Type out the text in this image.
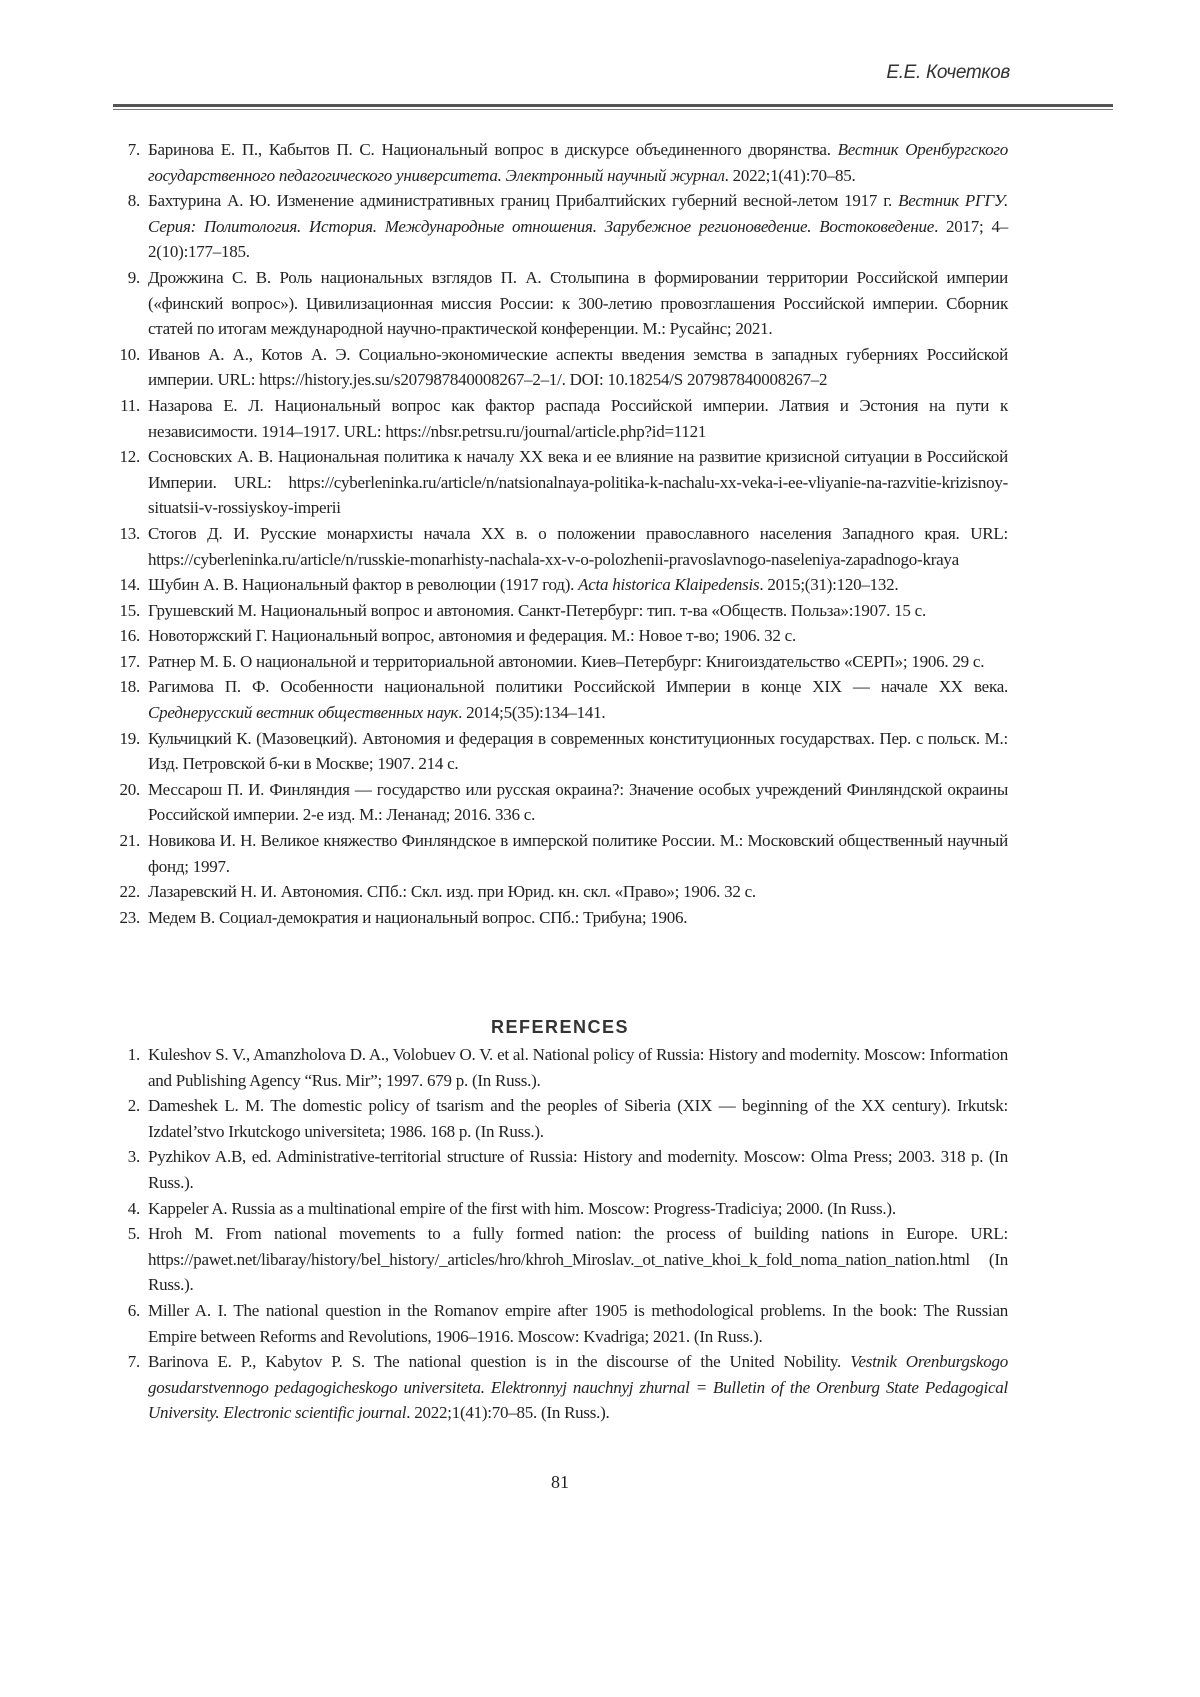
Е.Е. Кочетков
7. Баринова Е. П., Кабытов П. С. Национальный вопрос в дискурсе объединенного дворянства. Вестник Оренбургского государственного педагогического университета. Электронный научный журнал. 2022;1(41):70–85.
8. Бахтурина А. Ю. Изменение административных границ Прибалтийских губерний весной-летом 1917 г. Вестник РГГУ. Серия: Политология. История. Международные отношения. Зарубежное регионоведение. Востоковедение. 2017; 4–2(10):177–185.
9. Дрожжина С. В. Роль национальных взглядов П. А. Столыпина в формировании территории Российской империи («финский вопрос»). Цивилизационная миссия России: к 300-летию провозглашения Российской империи. Сборник статей по итогам международной научно-практической конференции. М.: Русайнс; 2021.
10. Иванов А. А., Котов А. Э. Социально-экономические аспекты введения земства в западных губерниях Российской империи. URL: https://history.jes.su/s207987840008267–2–1/. DOI: 10.18254/S 207987840008267–2
11. Назарова Е. Л. Национальный вопрос как фактор распада Российской империи. Латвия и Эстония на пути к независимости. 1914–1917. URL: https://nbsr.petrsu.ru/journal/article.php?id=1121
12. Сосновских А. В. Национальная политика к началу XX века и ее влияние на развитие кризисной ситуации в Российской Империи. URL: https://cyberleninka.ru/article/n/natsionalnaya-politika-k-nachalu-xx-veka-i-ee-vliyanie-na-razvitie-krizisnoy-situatsii-v-rossiyskoy-imperii
13. Стогов Д. И. Русские монархисты начала XX в. о положении православного населения Западного края. URL: https://cyberleninka.ru/article/n/russkie-monarhisty-nachala-xx-v-o-polozhenii-pravoslavnogo-naseleniya-zapadnogo-kraya
14. Шубин А. В. Национальный фактор в революции (1917 год). Acta historica Klaipedensis. 2015;(31):120–132.
15. Грушевский М. Национальный вопрос и автономия. Санкт-Петербург: тип. т-ва «Обществ. Польза»:1907. 15 с.
16. Новоторжский Г. Национальный вопрос, автономия и федерация. М.: Новое т-во; 1906. 32 с.
17. Ратнер М. Б. О национальной и территориальной автономии. Киев–Петербург: Книгоиздательство «СЕРП»; 1906. 29 с.
18. Рагимова П. Ф. Особенности национальной политики Российской Империи в конце XIX — начале XX века. Среднерусский вестник общественных наук. 2014;5(35):134–141.
19. Кульчицкий К. (Мазовецкий). Автономия и федерация в современных конституционных государствах. Пер. с польск. М.: Изд. Петровской б-ки в Москве; 1907. 214 с.
20. Мессарош П. И. Финляндия — государство или русская окраина?: Значение особых учреждений Финляндской окраины Российской империи. 2-е изд. М.: Ленанад; 2016. 336 с.
21. Новикова И. Н. Великое княжество Финляндское в имперской политике России. М.: Московский общественный научный фонд; 1997.
22. Лазаревский Н. И. Автономия. СПб.: Скл. изд. при Юрид. кн. скл. «Право»; 1906. 32 с.
23. Медем В. Социал-демократия и национальный вопрос. СПб.: Трибуна; 1906.
REFERENCES
1. Kuleshov S. V., Amanzholova D. A., Volobuev O. V. et al. National policy of Russia: History and modernity. Moscow: Information and Publishing Agency “Rus. Mir”; 1997. 679 p. (In Russ.).
2. Dameshek L. M. The domestic policy of tsarism and the peoples of Siberia (XIX — beginning of the XX century). Irkutsk: Izdatel’stvo Irkutckogo universiteta; 1986. 168 p. (In Russ.).
3. Pyzhikov A.B, ed. Administrative-territorial structure of Russia: History and modernity. Moscow: Olma Press; 2003. 318 p. (In Russ.).
4. Kappeler A. Russia as a multinational empire of the first with him. Moscow: Progress-Tradiciya; 2000. (In Russ.).
5. Hroh M. From national movements to a fully formed nation: the process of building nations in Europe. URL: https://pawet.net/libaray/history/bel_history/_articles/hro/khroh_Miroslav._ot_native_khoi_k_fold_noma_nation_nation.html (In Russ.).
6. Miller A. I. The national question in the Romanov empire after 1905 is methodological problems. In the book: The Russian Empire between Reforms and Revolutions, 1906–1916. Moscow: Kvadriga; 2021. (In Russ.).
7. Barinova E. P., Kabytov P. S. The national question is in the discourse of the United Nobility. Vestnik Orenburgskogo gosudarstvennogo pedagogicheskogo universiteta. Elektronnyj nauchnyj zhurnal = Bulletin of the Orenburg State Pedagogical University. Electronic scientific journal. 2022;1(41):70–85. (In Russ.).
81
